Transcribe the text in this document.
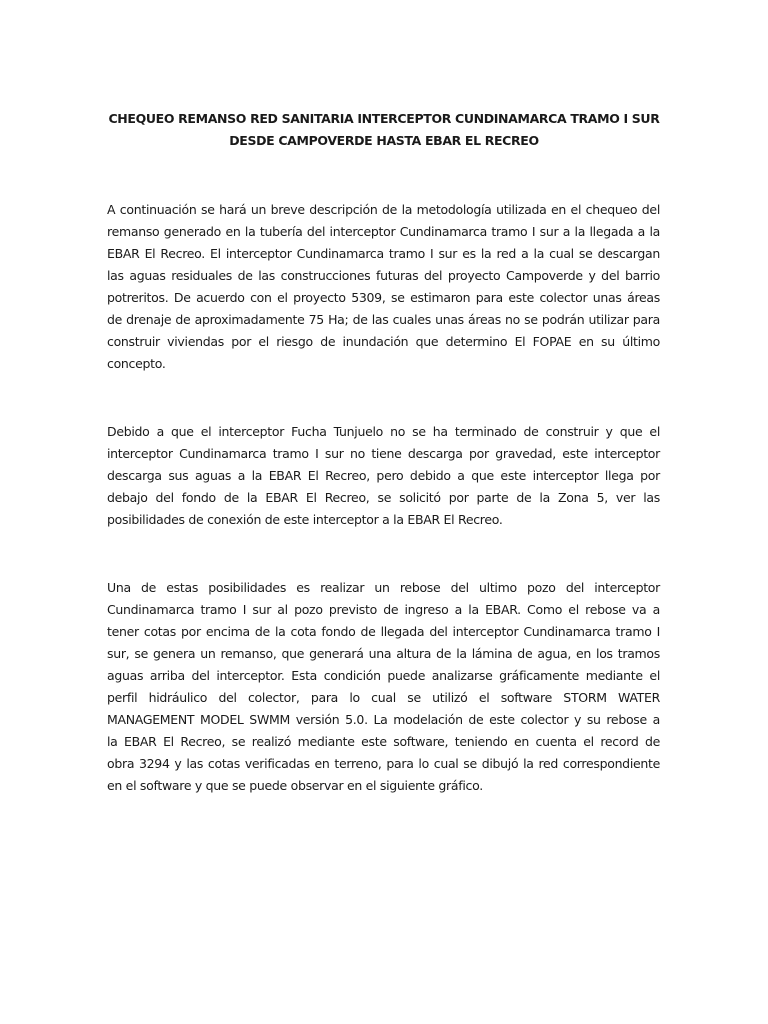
CHEQUEO REMANSO RED SANITARIA INTERCEPTOR CUNDINAMARCA TRAMO I SUR
DESDE CAMPOVERDE HASTA EBAR EL RECREO

A continuación se hará un breve descripción de la metodología utilizada en el chequeo del
remanso generado en la tubería del interceptor Cundinamarca tramo I sur a la llegada a la
EBAR El Recreo. El interceptor Cundinamarca tramo I sur es la red a la cual se descargan
las aguas residuales de las construcciones futuras del proyecto Campoverde y del barrio
potreritos. De acuerdo con el proyecto 5309, se estimaron para este colector unas áreas
de drenaje de aproximadamente 75 Ha; de las cuales unas áreas no se podrán utilizar para
construir viviendas por el riesgo de inundación que determino El FOPAE en su último
concepto.

Debido a que el interceptor Fucha Tunjuelo no se ha terminado de construir y que el
interceptor Cundinamarca tramo I sur no tiene descarga por gravedad, este interceptor
descarga sus aguas a la EBAR El Recreo, pero debido a que este interceptor llega por
debajo del fondo de la EBAR El Recreo, se solicitó por parte de la Zona 5, ver las
posibilidades de conexión de este interceptor a la EBAR El Recreo.

Una de estas posibilidades es realizar un rebose del ultimo pozo del interceptor
Cundinamarca tramo I sur al pozo previsto de ingreso a la EBAR. Como el rebose va a
tener cotas por encima de la cota fondo de llegada del interceptor Cundinamarca tramo I
sur, se genera un remanso, que generará una altura de la lámina de agua, en los tramos
aguas arriba del interceptor. Esta condición puede analizarse gráficamente mediante el
perfil hidráulico del colector, para lo cual se utilizó el software STORM WATER
MANAGEMENT MODEL SWMM versión 5.0. La modelación de este colector y su rebose a
la EBAR El Recreo, se realizó mediante este software, teniendo en cuenta el record de
obra 3294 y las cotas verificadas en terreno, para lo cual se dibujó la red correspondiente
en el software y que se puede observar en el siguiente gráfico.
